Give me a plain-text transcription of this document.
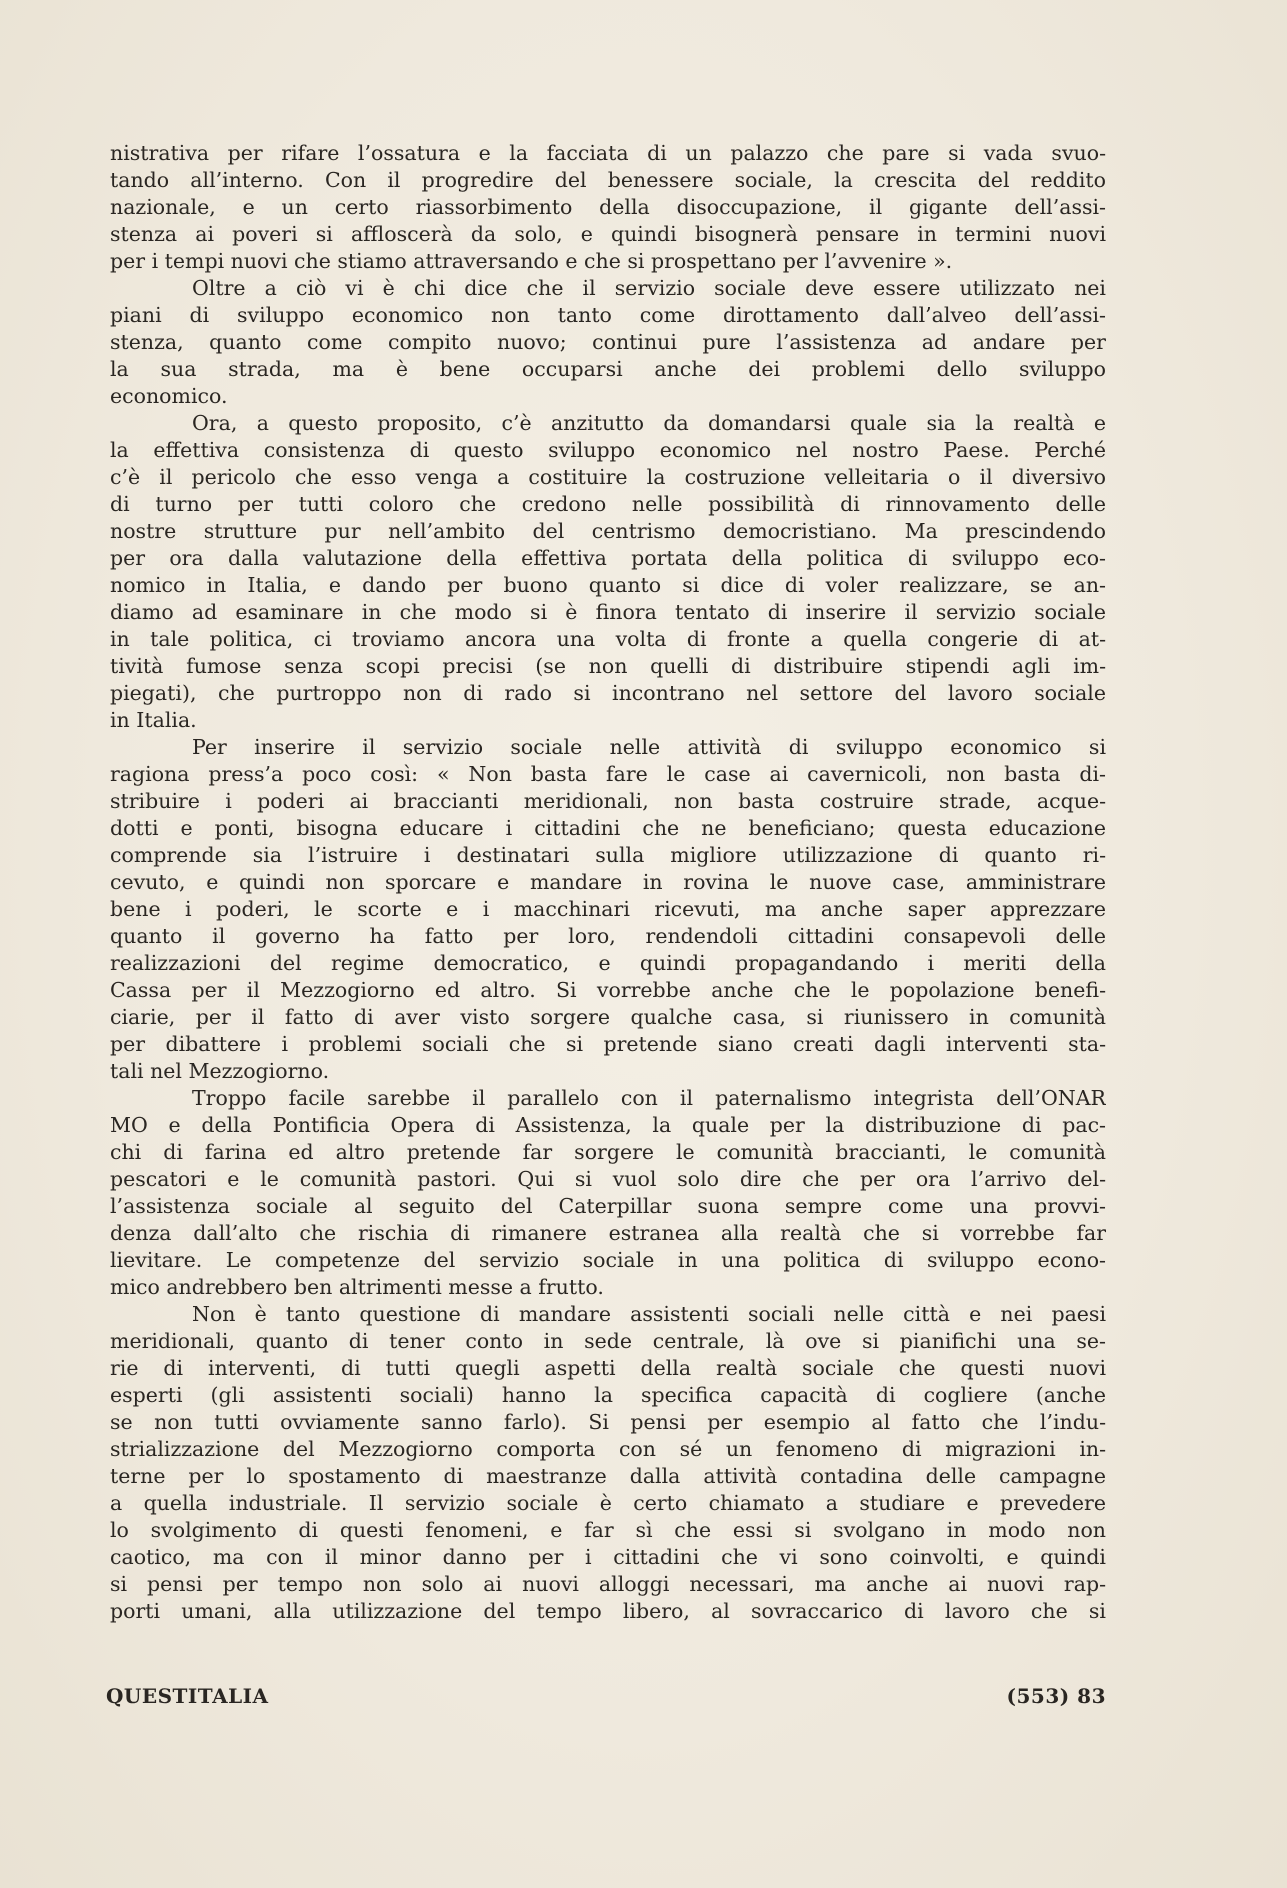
nistrativa per rifare l’ossatura e la facciata di un palazzo che pare si vada svuo-
tando all’interno. Con il progredire del benessere sociale, la crescita del reddito
nazionale, e un certo riassorbimento della disoccupazione, il gigante dell’assi-
stenza ai poveri si affloscerà da solo, e quindi bisognerà pensare in termini nuovi
per i tempi nuovi che stiamo attraversando e che si prospettano per l’avvenire ».
Oltre a ciò vi è chi dice che il servizio sociale deve essere utilizzato nei
piani di sviluppo economico non tanto come dirottamento dall’alveo dell’assi-
stenza, quanto come compito nuovo; continui pure l’assistenza ad andare per
la sua strada, ma è bene occuparsi anche dei problemi dello sviluppo
economico.
Ora, a questo proposito, c’è anzitutto da domandarsi quale sia la realtà e
la effettiva consistenza di questo sviluppo economico nel nostro Paese. Perché
c’è il pericolo che esso venga a costituire la costruzione velleitaria o il diversivo
di turno per tutti coloro che credono nelle possibilità di rinnovamento delle
nostre strutture pur nell’ambito del centrismo democristiano. Ma prescindendo
per ora dalla valutazione della effettiva portata della politica di sviluppo eco-
nomico in Italia, e dando per buono quanto si dice di voler realizzare, se an-
diamo ad esaminare in che modo si è finora tentato di inserire il servizio sociale
in tale politica, ci troviamo ancora una volta di fronte a quella congerie di at-
tività fumose senza scopi precisi (se non quelli di distribuire stipendi agli im-
piegati), che purtroppo non di rado si incontrano nel settore del lavoro sociale
in Italia.
Per inserire il servizio sociale nelle attività di sviluppo economico si
ragiona press’a poco così: « Non basta fare le case ai cavernicoli, non basta di-
stribuire i poderi ai braccianti meridionali, non basta costruire strade, acque-
dotti e ponti, bisogna educare i cittadini che ne beneficiano; questa educazione
comprende sia l’istruire i destinatari sulla migliore utilizzazione di quanto ri-
cevuto, e quindi non sporcare e mandare in rovina le nuove case, amministrare
bene i poderi, le scorte e i macchinari ricevuti, ma anche saper apprezzare
quanto il governo ha fatto per loro, rendendoli cittadini consapevoli delle
realizzazioni del regime democratico, e quindi propagandando i meriti della
Cassa per il Mezzogiorno ed altro. Si vorrebbe anche che le popolazione benefi-
ciarie, per il fatto di aver visto sorgere qualche casa, si riunissero in comunità
per dibattere i problemi sociali che si pretende siano creati dagli interventi sta-
tali nel Mezzogiorno.
Troppo facile sarebbe il parallelo con il paternalismo integrista dell’ONAR
MO e della Pontificia Opera di Assistenza, la quale per la distribuzione di pac-
chi di farina ed altro pretende far sorgere le comunità braccianti, le comunità
pescatori e le comunità pastori. Qui si vuol solo dire che per ora l’arrivo del-
l’assistenza sociale al seguito del Caterpillar suona sempre come una provvi-
denza dall’alto che rischia di rimanere estranea alla realtà che si vorrebbe far
lievitare. Le competenze del servizio sociale in una politica di sviluppo econo-
mico andrebbero ben altrimenti messe a frutto.
Non è tanto questione di mandare assistenti sociali nelle città e nei paesi
meridionali, quanto di tener conto in sede centrale, là ove si pianifichi una se-
rie di interventi, di tutti quegli aspetti della realtà sociale che questi nuovi
esperti (gli assistenti sociali) hanno la specifica capacità di cogliere (anche
se non tutti ovviamente sanno farlo). Si pensi per esempio al fatto che l’indu-
strializzazione del Mezzogiorno comporta con sé un fenomeno di migrazioni in-
terne per lo spostamento di maestranze dalla attività contadina delle campagne
a quella industriale. Il servizio sociale è certo chiamato a studiare e prevedere
lo svolgimento di questi fenomeni, e far sì che essi si svolgano in modo non
caotico, ma con il minor danno per i cittadini che vi sono coinvolti, e quindi
si pensi per tempo non solo ai nuovi alloggi necessari, ma anche ai nuovi rap-
porti umani, alla utilizzazione del tempo libero, al sovraccarico di lavoro che si
QUESTITALIA	(553) 83
